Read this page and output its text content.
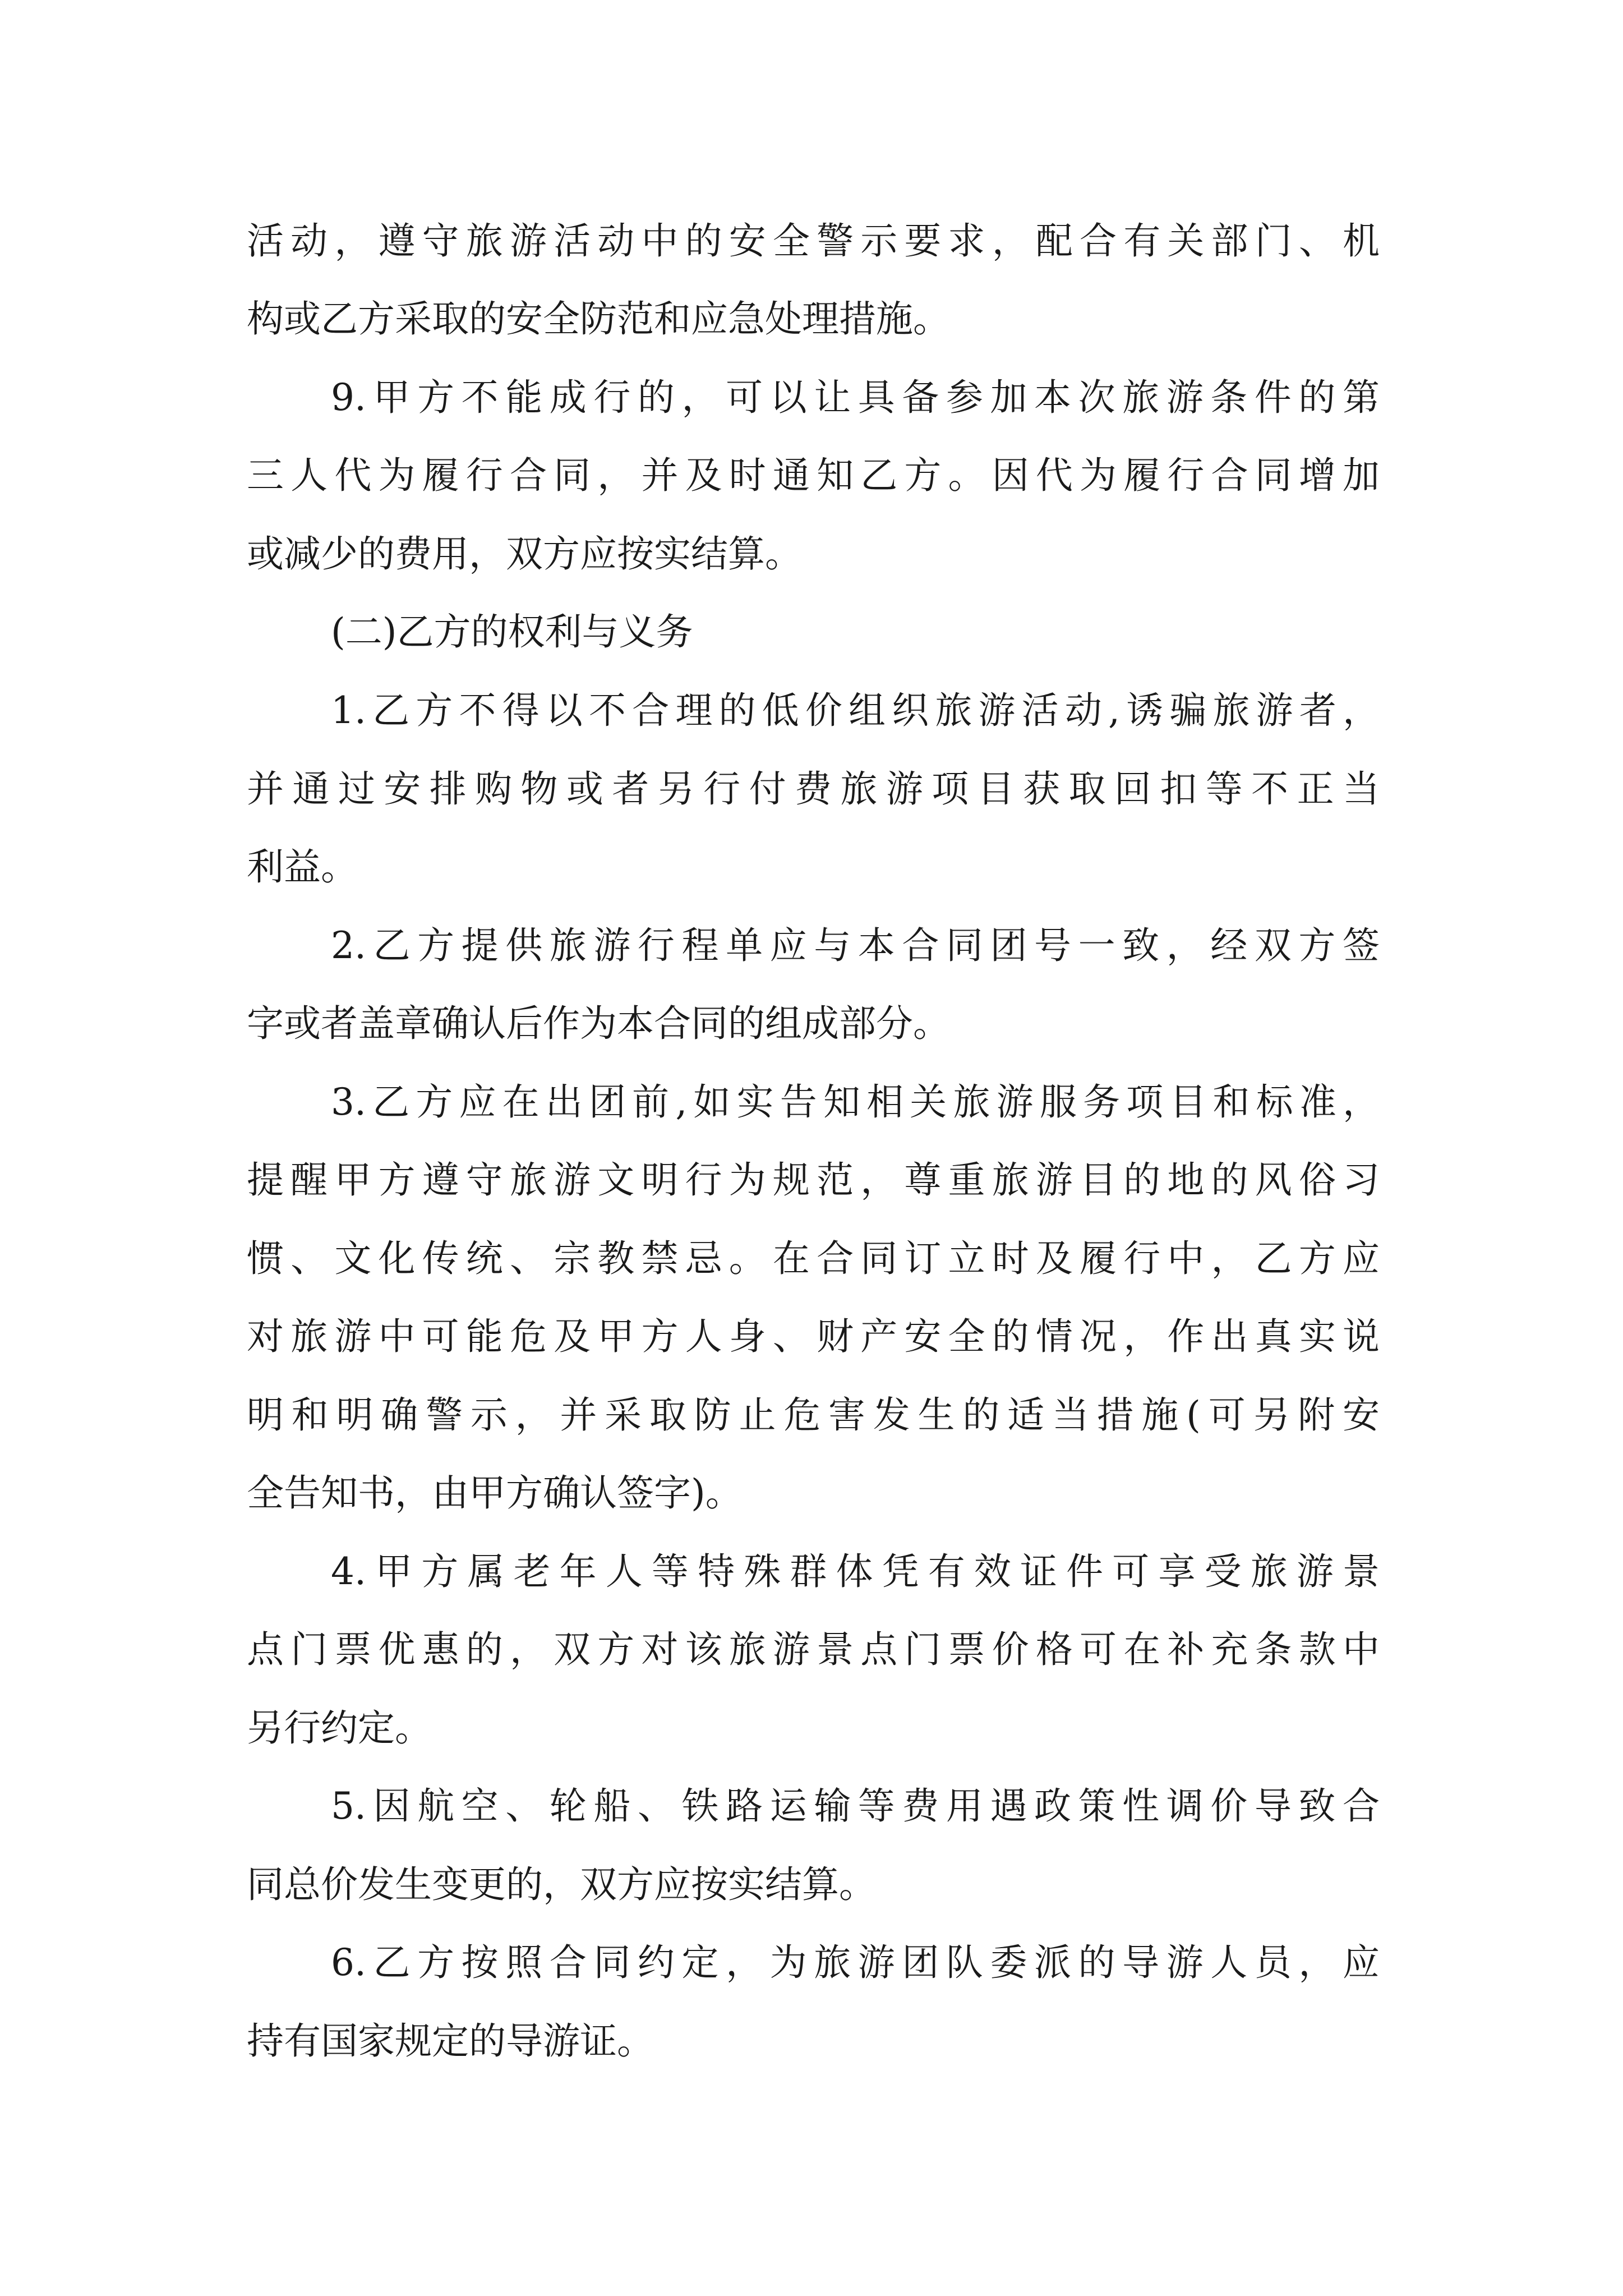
活动，遵守旅游活动中的安全警示要求，配合有关部门、机
构或乙方采取的安全防范和应急处理措施。
9.甲方不能成行的，可以让具备参加本次旅游条件的第
三人代为履行合同，并及时通知乙方。因代为履行合同增加
或减少的费用，双方应按实结算。
(二)乙方的权利与义务
1.乙方不得以不合理的低价组织旅游活动,诱骗旅游者，
并通过安排购物或者另行付费旅游项目获取回扣等不正当
利益。
2.乙方提供旅游行程单应与本合同团号一致，经双方签
字或者盖章确认后作为本合同的组成部分。
3.乙方应在出团前,如实告知相关旅游服务项目和标准，
提醒甲方遵守旅游文明行为规范，尊重旅游目的地的风俗习
惯、文化传统、宗教禁忌。在合同订立时及履行中，乙方应
对旅游中可能危及甲方人身、财产安全的情况，作出真实说
明和明确警示，并采取防止危害发生的适当措施(可另附安
全告知书，由甲方确认签字)。
4.甲方属老年人等特殊群体凭有效证件可享受旅游景
点门票优惠的，双方对该旅游景点门票价格可在补充条款中
另行约定。
5.因航空、轮船、铁路运输等费用遇政策性调价导致合
同总价发生变更的，双方应按实结算。
6.乙方按照合同约定，为旅游团队委派的导游人员，应
持有国家规定的导游证。
